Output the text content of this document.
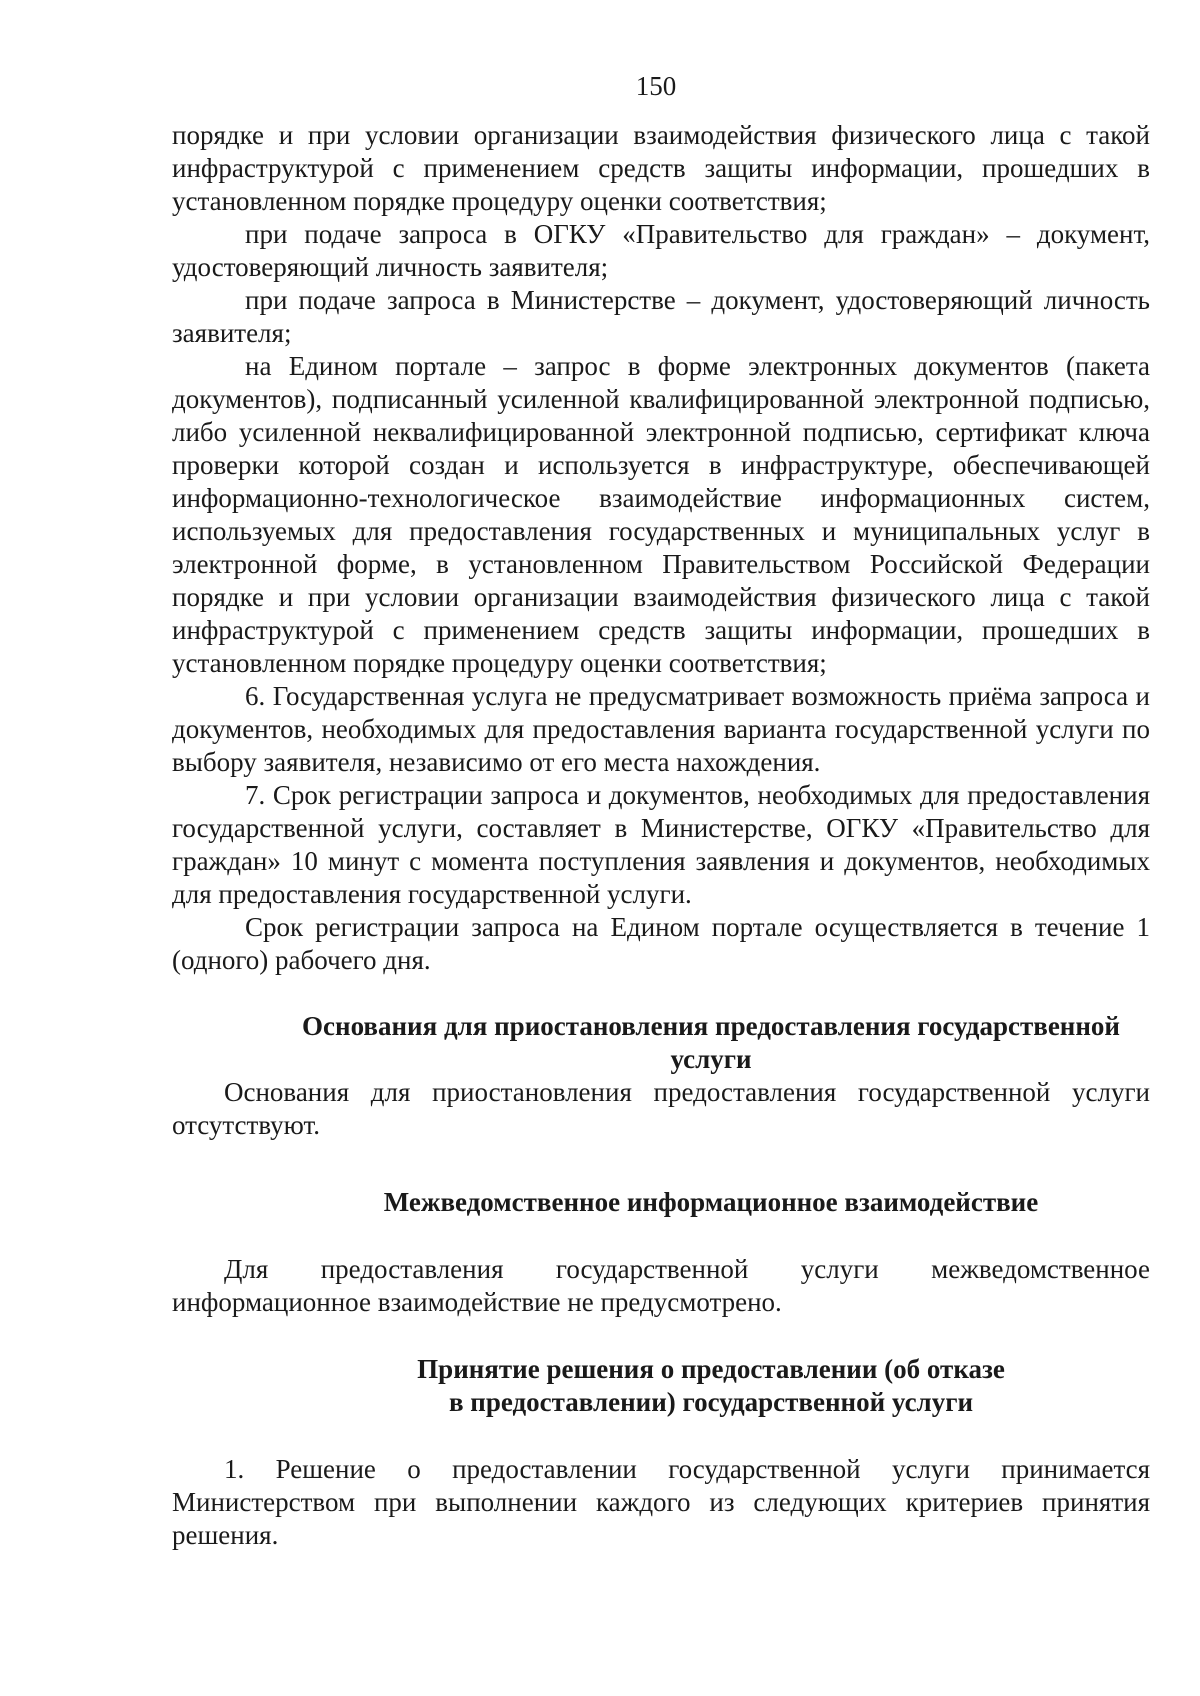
150

порядке и при условии организации взаимодействия физического лица с такой инфраструктурой с применением средств защиты информации, прошедших в установленном порядке процедуру оценки соответствия;

при подаче запроса в ОГКУ «Правительство для граждан» – документ, удостоверяющий личность заявителя;

при подаче запроса в Министерстве – документ, удостоверяющий личность заявителя;

на Едином портале – запрос в форме электронных документов (пакета документов), подписанный усиленной квалифицированной электронной подписью, либо усиленной неквалифицированной электронной подписью, сертификат ключа проверки которой создан и используется в инфраструктуре, обеспечивающей информационно-технологическое взаимодействие информационных систем, используемых для предоставления государственных и муниципальных услуг в электронной форме, в установленном Правительством Российской Федерации порядке и при условии организации взаимодействия физического лица с такой инфраструктурой с применением средств защиты информации, прошедших в установленном порядке процедуру оценки соответствия;

6. Государственная услуга не предусматривает возможность приёма запроса и документов, необходимых для предоставления варианта государственной услуги по выбору заявителя, независимо от его места нахождения.

7. Срок регистрации запроса и документов, необходимых для предоставления государственной услуги, составляет в Министерстве, ОГКУ «Правительство для граждан» 10 минут с момента поступления заявления и документов, необходимых для предоставления государственной услуги.

Срок регистрации запроса на Едином портале осуществляется в течение 1 (одного) рабочего дня.

Основания для приостановления предоставления государственной услуги

Основания для приостановления предоставления государственной услуги отсутствуют.

Межведомственное информационное взаимодействие

Для предоставления государственной услуги межведомственное информационное взаимодействие не предусмотрено.

Принятие решения о предоставлении (об отказе
в предоставлении) государственной услуги

1. Решение о предоставлении государственной услуги принимается Министерством при выполнении каждого из следующих критериев принятия решения.
